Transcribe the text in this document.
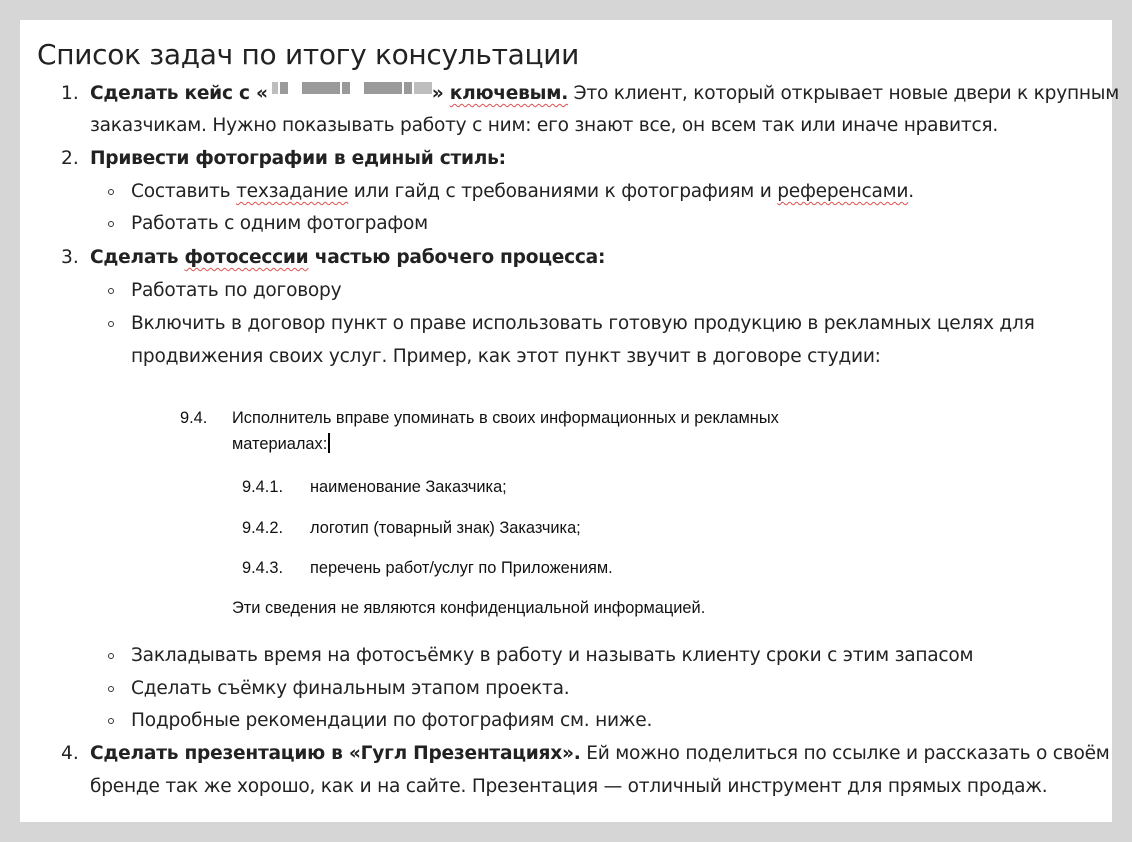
Список задач по итогу консультации
1. Сделать кейс с «	» ключевым. Это клиент, который открывает новые двери к крупным
заказчикам. Нужно показывать работу с ним: его знают все, он всем так или иначе нравится.
2. Привести фотографии в единый стиль:
Составить техзадание или гайд с требованиями к фотографиям и референсами.
Работать с одним фотографом
3. Сделать фотосессии частью рабочего процесса:
Работать по договору
Включить в договор пункт о праве использовать готовую продукцию в рекламных целях для
продвижения своих услуг. Пример, как этот пункт звучит в договоре студии:
9.4. Исполнитель вправе упоминать в своих информационных и рекламных
материалах:
9.4.1. наименование Заказчика;
9.4.2. логотип (товарный знак) Заказчика;
9.4.3. перечень работ/услуг по Приложениям.
Эти сведения не являются конфиденциальной информацией.
Закладывать время на фотосъёмку в работу и называть клиенту сроки с этим запасом
Сделать съёмку финальным этапом проекта.
Подробные рекомендации по фотографиям см. ниже.
4. Сделать презентацию в «Гугл Презентациях». Ей можно поделиться по ссылке и рассказать о своём
бренде так же хорошо, как и на сайте. Презентация — отличный инструмент для прямых продаж.
